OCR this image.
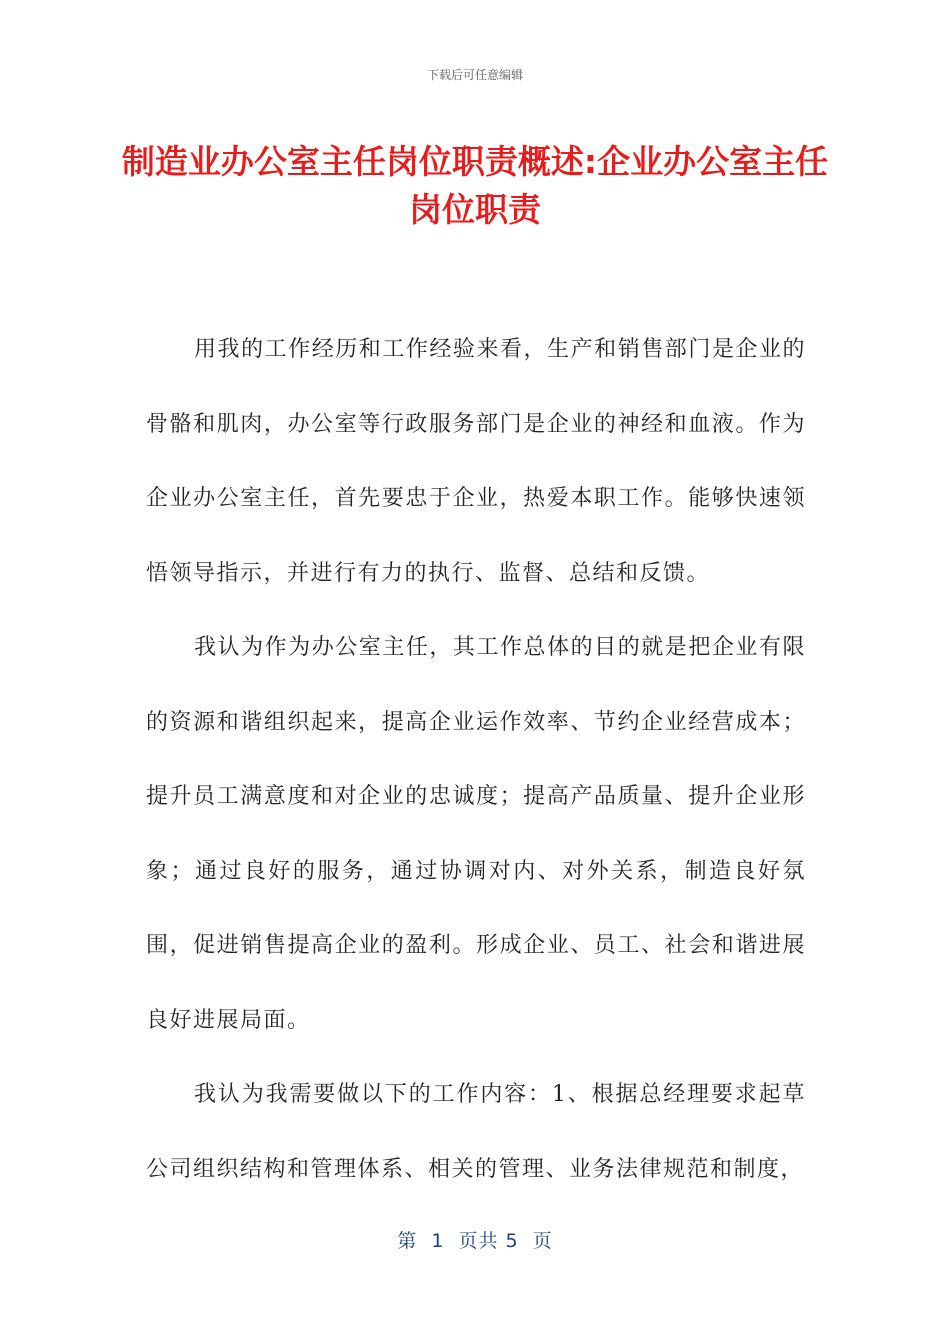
下载后可任意编辑
制造业办公室主任岗位职责概述:企业办公室主任岗位职责

用我的工作经历和工作经验来看，生产和销售部门是企业的骨骼和肌肉，办公室等行政服务部门是企业的神经和血液。作为企业办公室主任，首先要忠于企业，热爱本职工作。能够快速领悟领导指示，并进行有力的执行、监督、总结和反馈。

我认为作为办公室主任，其工作总体的目的就是把企业有限的资源和谐组织起来，提高企业运作效率、节约企业经营成本；提升员工满意度和对企业的忠诚度；提高产品质量、提升企业形象；通过良好的服务，通过协调对内、对外关系，制造良好氛围，促进销售提高企业的盈利。形成企业、员工、社会和谐进展良好进展局面。

我认为我需要做以下的工作内容：1、根据总经理要求起草公司组织结构和管理体系、相关的管理、业务法律规范和制度，

第  1  页共 5  页
